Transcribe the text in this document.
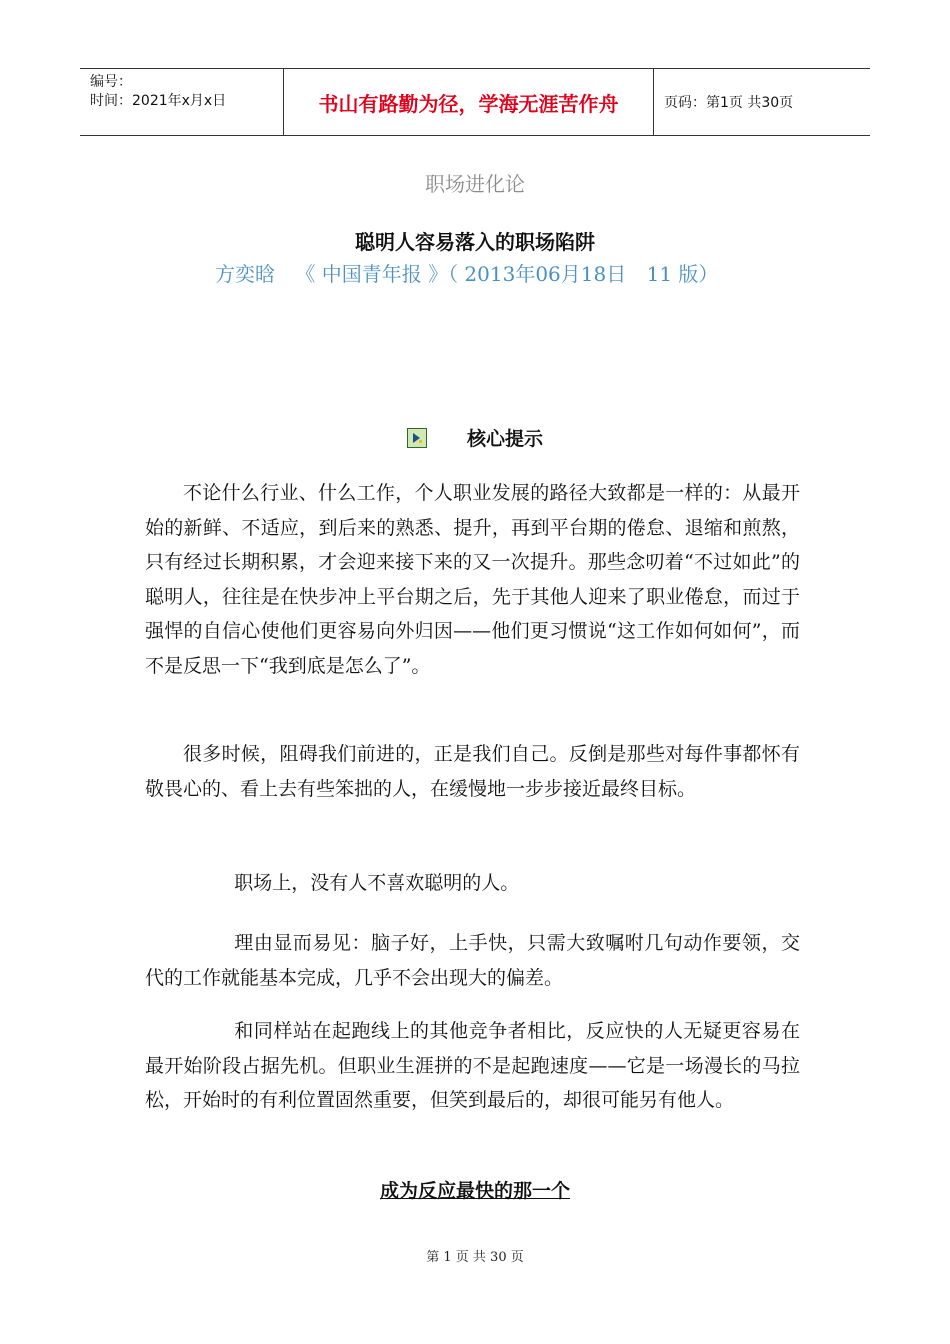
编号：
时间：2021年x月x日	书山有路勤为径，学海无涯苦作舟	页码：第1页 共30页
职场进化论
聪明人容易落入的职场陷阱
方奕晗 《 中国青年报 》（ 2013年06月18日 11 版）
核心提示

不论什么行业、什么工作，个人职业发展的路径大致都是一样的：从最开始的新鲜、不适应，到后来的熟悉、提升，再到平台期的倦怠、退缩和煎熬，只有经过长期积累，才会迎来接下来的又一次提升。那些念叨着“不过如此”的聪明人，往往是在快步冲上平台期之后，先于其他人迎来了职业倦怠，而过于强悍的自信心使他们更容易向外归因——他们更习惯说“这工作如何如何”，而不是反思一下“我到底是怎么了”。

很多时候，阻碍我们前进的，正是我们自己。反倒是那些对每件事都怀有敬畏心的、看上去有些笨拙的人，在缓慢地一步步接近最终目标。

职场上，没有人不喜欢聪明的人。

理由显而易见：脑子好，上手快，只需大致嘱咐几句动作要领，交代的工作就能基本完成，几乎不会出现大的偏差。

和同样站在起跑线上的其他竞争者相比，反应快的人无疑更容易在最开始阶段占据先机。但职业生涯拼的不是起跑速度——它是一场漫长的马拉松，开始时的有利位置固然重要，但笑到最后的，却很可能另有他人。

成为反应最快的那一个
第 1 页 共 30 页
